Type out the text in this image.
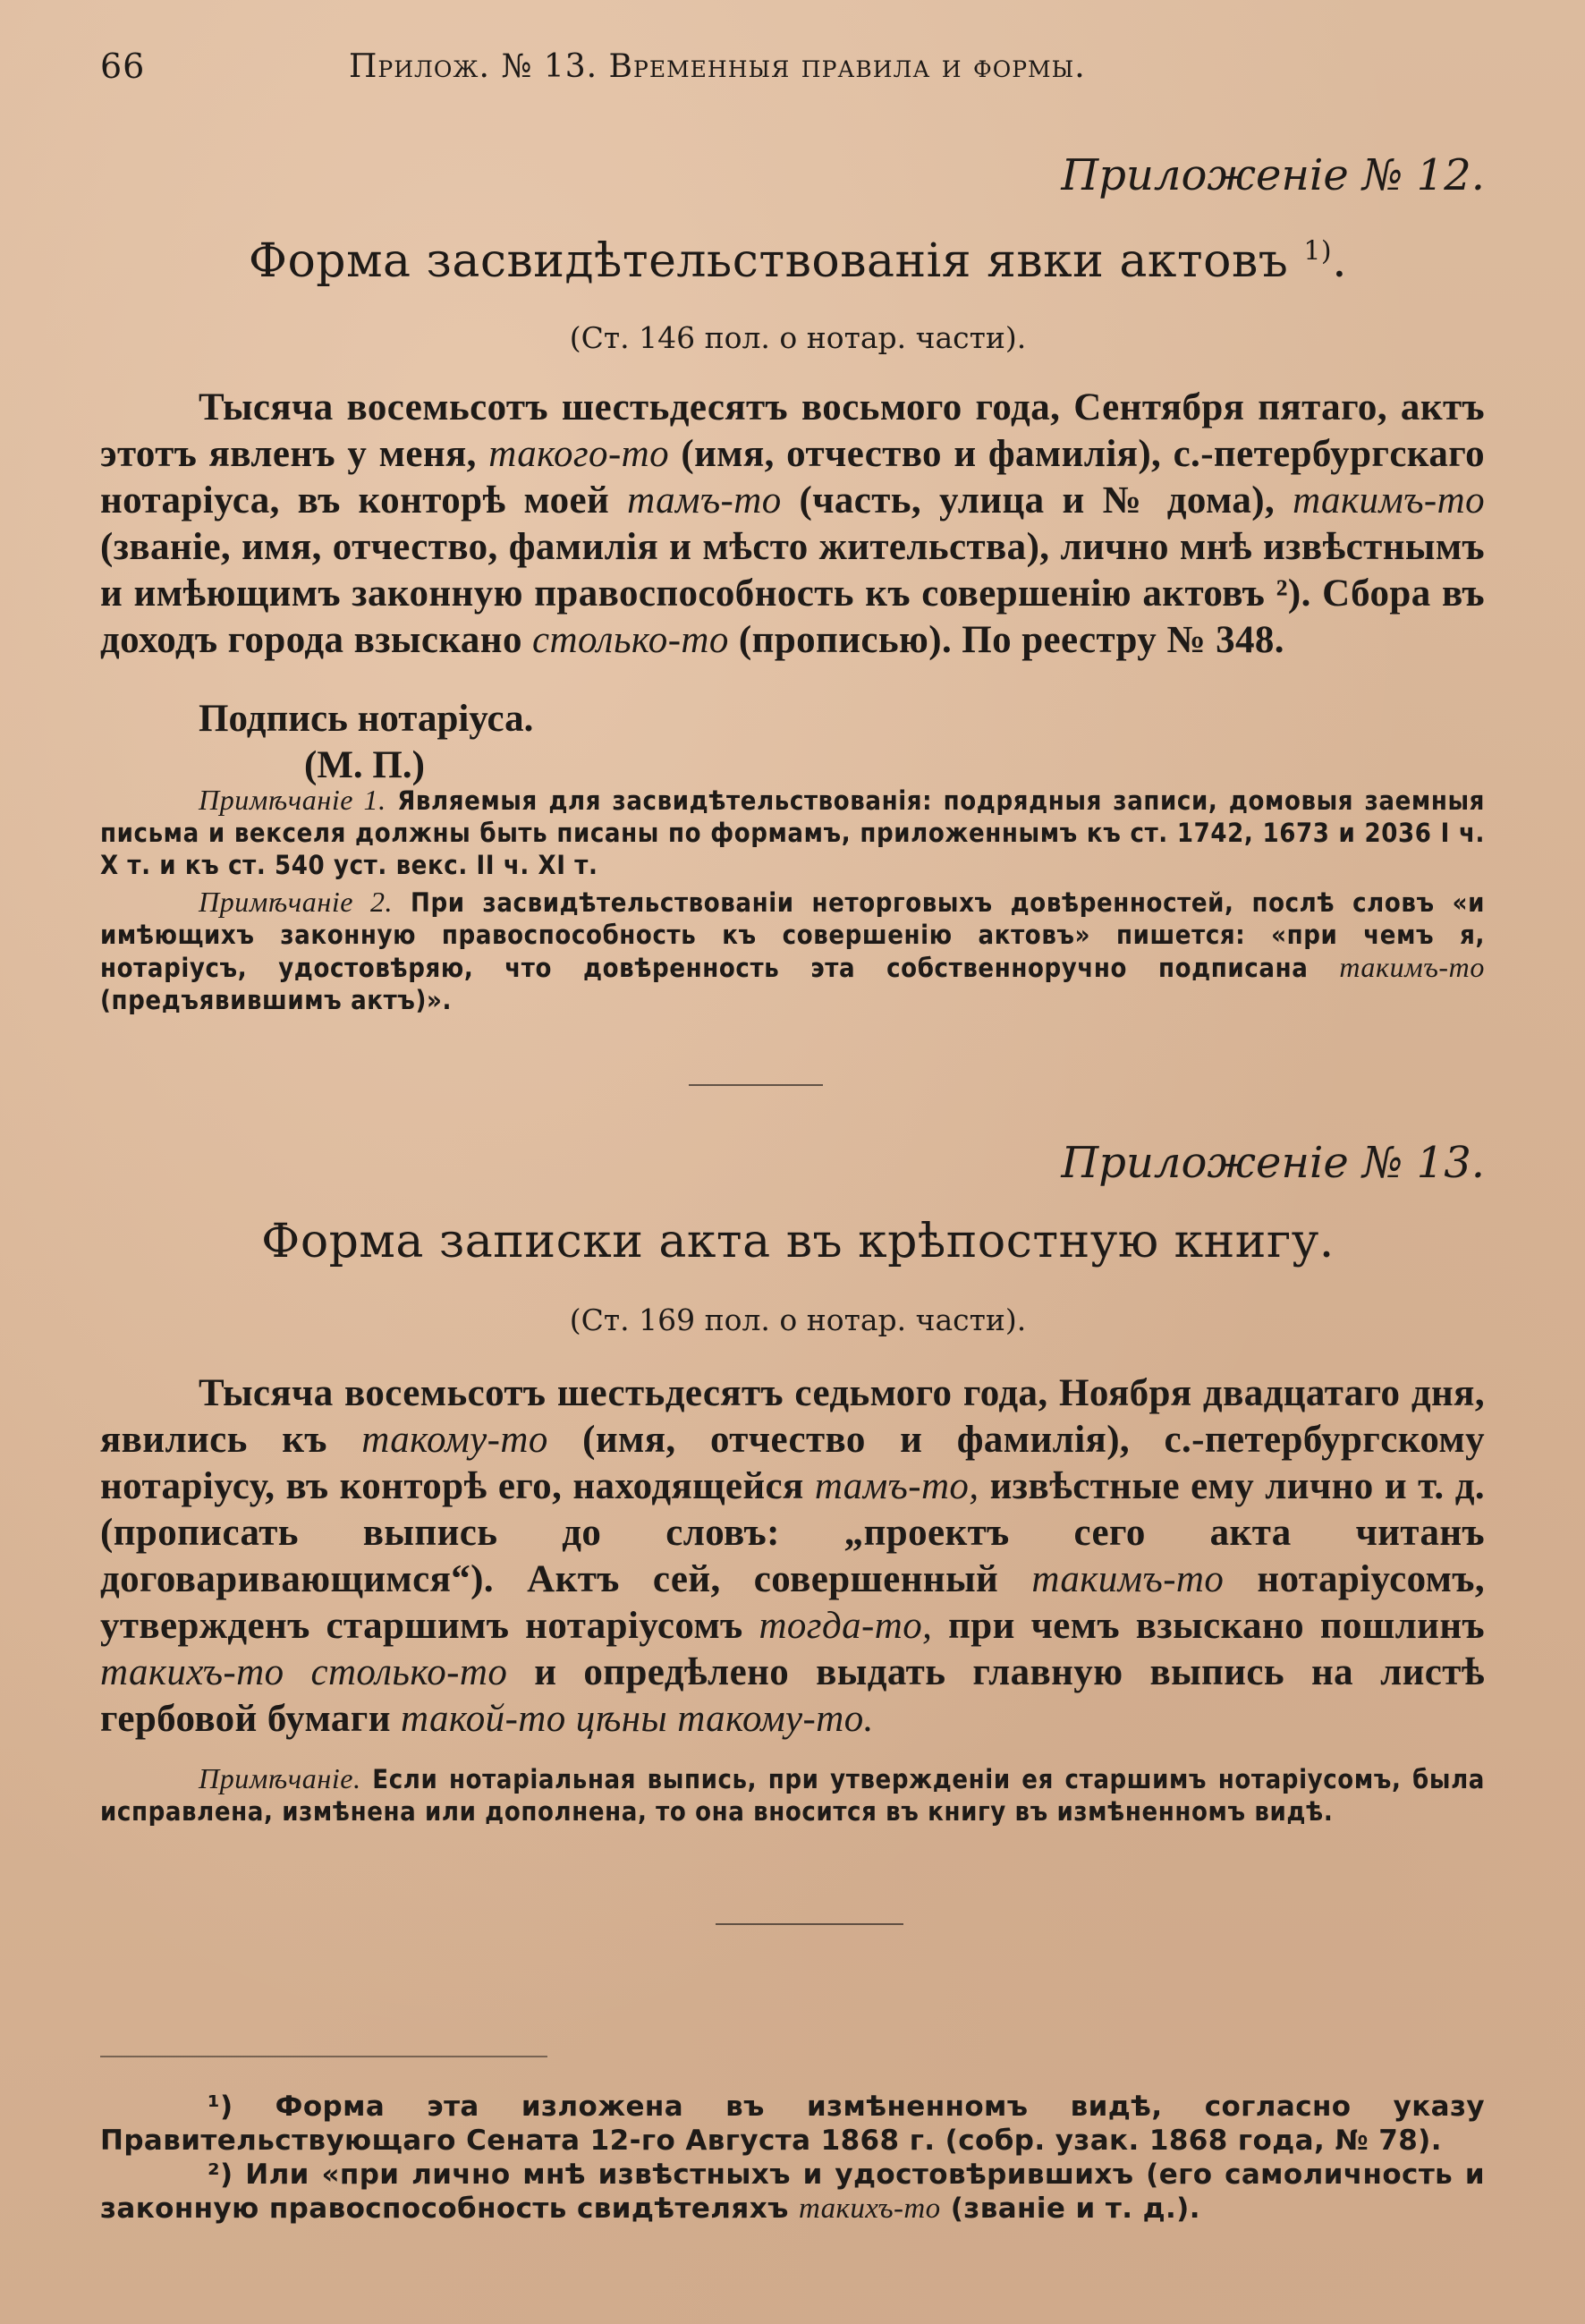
66	Прилож. № 13. Временныя правила и формы.
Приложеніе № 12.
Форма засвидѣтельствованія явки актовъ $^{1)}$.
(Ст. 146 пол. о нотар. части).
Тысяча восемьсотъ шестьдесятъ восьмого года, Сентября пятаго, актъ этотъ явленъ у меня, такого-то (имя, отчество и фамилія), с.-петербургскаго нотаріуса, въ конторѣ моей тамъ-то (часть, улица и № дома), такимъ-то (званіе, имя, отчество, фамилія и мѣсто жительства), лично мнѣ извѣстнымъ и имѣющимъ законную правоспособность къ совершенію актовъ ²). Сбора въ доходъ города взыскано столько-то (прописью). По реестру № 348.
Подпись нотаріуса.
(М. П.)
Примѣчаніе 1. Являемыя для засвидѣтельствованія: подрядныя записи, домовыя заемныя письма и векселя должны быть писаны по формамъ, приложеннымъ къ ст. 1742, 1673 и 2036 I ч. X т. и къ ст. 540 уст. векс. II ч. XI т.
Примѣчаніе 2. При засвидѣтельствованіи неторговыхъ довѣренностей, послѣ словъ «и имѣющихъ законную правоспособность къ совершенію актовъ» пишется: «при чемъ я, нотаріусъ, удостовѣряю, что довѣренность эта собственноручно подписана такимъ-то (предъявившимъ актъ)».
Приложеніе № 13.
Форма записки акта въ крѣпостную книгу.
(Ст. 169 пол. о нотар. части).
Тысяча восемьсотъ шестьдесятъ седьмого года, Ноября двадцатаго дня, явились къ такому-то (имя, отчество и фамилія), с.-петербургскому нотаріусу, въ конторѣ его, находящейся тамъ-то, извѣстные ему лично и т. д. (прописать выпись до словъ: „проектъ сего акта читанъ договаривающимся“). Актъ сей, совершенный такимъ-то нотаріусомъ, утвержденъ старшимъ нотаріусомъ тогда-то, при чемъ взыскано пошлинъ такихъ-то столько-то и опредѣлено выдать главную выпись на листѣ гербовой бумаги такой-то цѣны такому-то.
Примѣчаніе. Если нотаріальная выпись, при утвержденіи ея старшимъ нотаріусомъ, была исправлена, измѣнена или дополнена, то она вносится въ книгу въ измѣненномъ видѣ.
¹) Форма эта изложена въ измѣненномъ видѣ, согласно указу Правительствующаго Сената 12-го Августа 1868 г. (собр. узак. 1868 года, № 78).
²) Или «при лично мнѣ извѣстныхъ и удостовѣрившихъ (его самоличность и законную правоспособность свидѣтеляхъ такихъ-то (званіе и т. д.).
